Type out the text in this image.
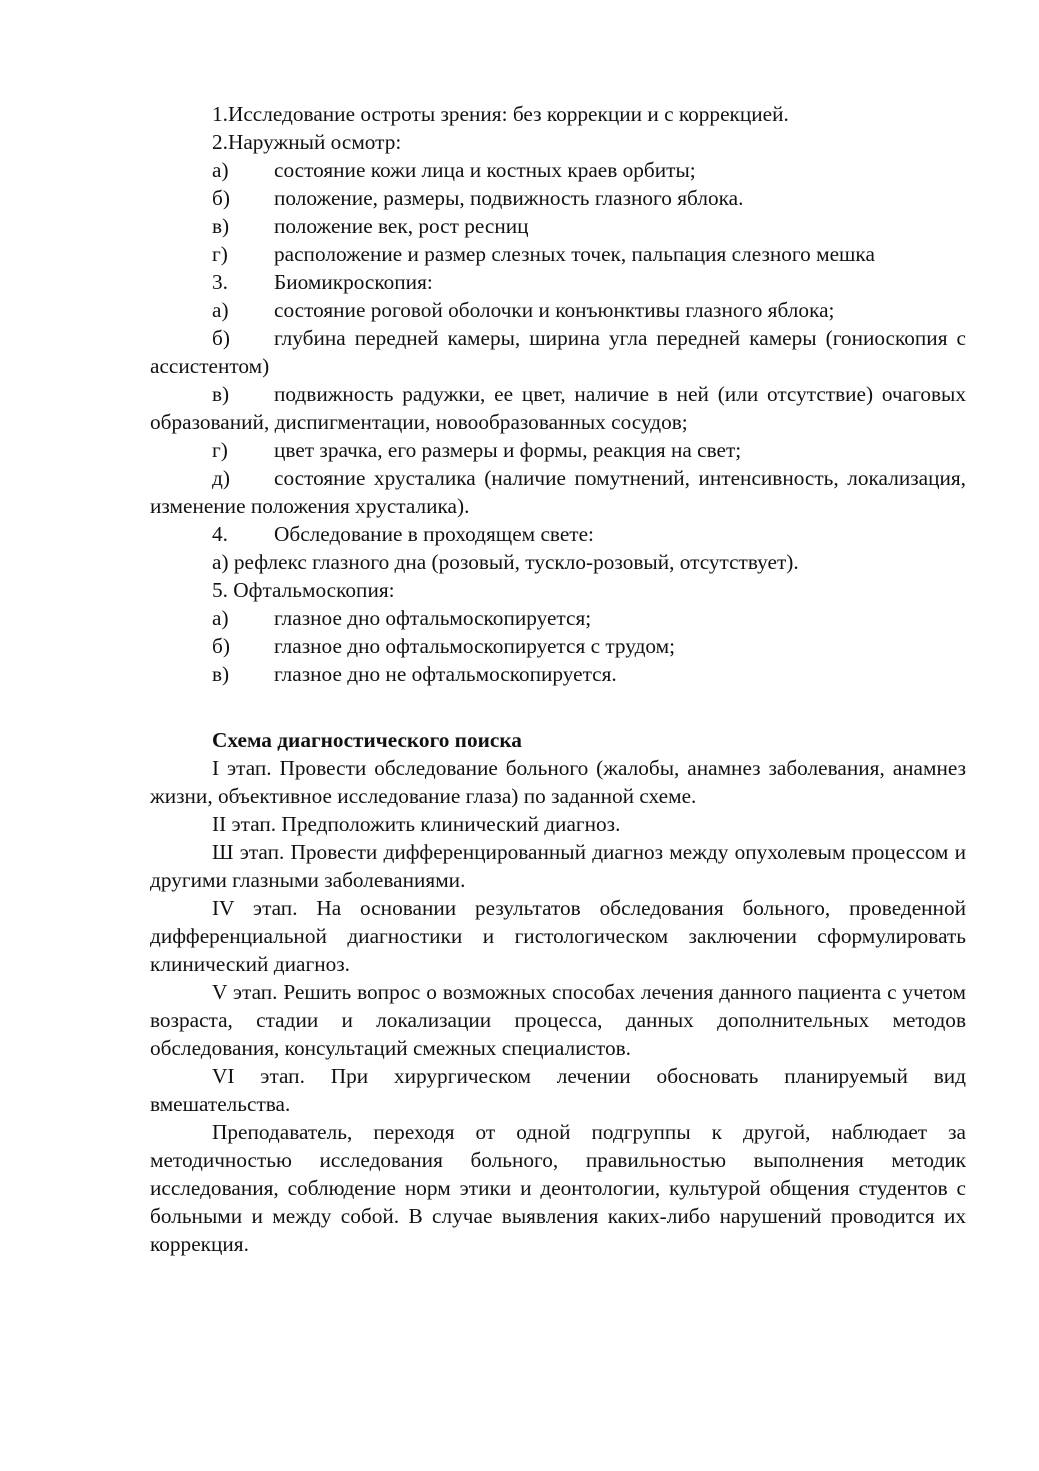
1.Исследование остроты зрения: без коррекции и с коррекцией.

2.Наружный осмотр:

а)	состояние кожи лица и костных краев орбиты;
б)	положение, размеры, подвижность глазного яблока.
в)	положение век, рост ресниц

г) расположение и размер слезных точек, пальпация слезного мешка

3.	Биомикроскопия:
а)	состояние роговой оболочки и конъюнктивы глазного яблока;

б) глубина передней камеры, ширина угла передней камеры (гониоскопия с ассистентом)

в) подвижность радужки, ее цвет, наличие в ней (или отсутствие) очаговых образований, диспигментации, новообразованных сосудов;

г)	цвет зрачка, его размеры и формы, реакция на свет;

д) состояние хрусталика (наличие помутнений, интенсивность, локализация, изменение положения хрусталика).

4.	Обследование в проходящем свете:

а) рефлекс глазного дна (розовый, тускло-розовый, отсутствует).

5. Офтальмоскопия:

а)	глазное дно офтальмоскопируется;
б)	глазное дно офтальмоскопируется с трудом;
в)	глазное дно не офтальмоскопируется.

Схема диагностического поиска

I этап. Провести обследование больного (жалобы, анамнез заболевания, анамнез жизни, объективное исследование глаза) по заданной схеме.

II этап. Предположить клинический диагноз.

Ш этап. Провести дифференцированный диагноз между опухолевым процессом и другими глазными заболеваниями.

IV этап. На основании результатов обследования больного, проведенной дифференциальной диагностики и гистологическом заключении сформулировать клинический диагноз.

V этап. Решить вопрос о возможных способах лечения данного пациента с учетом возраста, стадии и локализации процесса, данных дополнительных методов обследования, консультаций смежных специалистов.

VI этап. При хирургическом лечении обосновать планируемый вид вмешательства.

Преподаватель, переходя от одной подгруппы к другой, наблюдает за методичностью исследования больного, правильностью выполнения методик исследования, соблюдение норм этики и деонтологии, культурой общения студентов с больными и между собой. В случае выявления каких-либо нарушений проводится их коррекция.
